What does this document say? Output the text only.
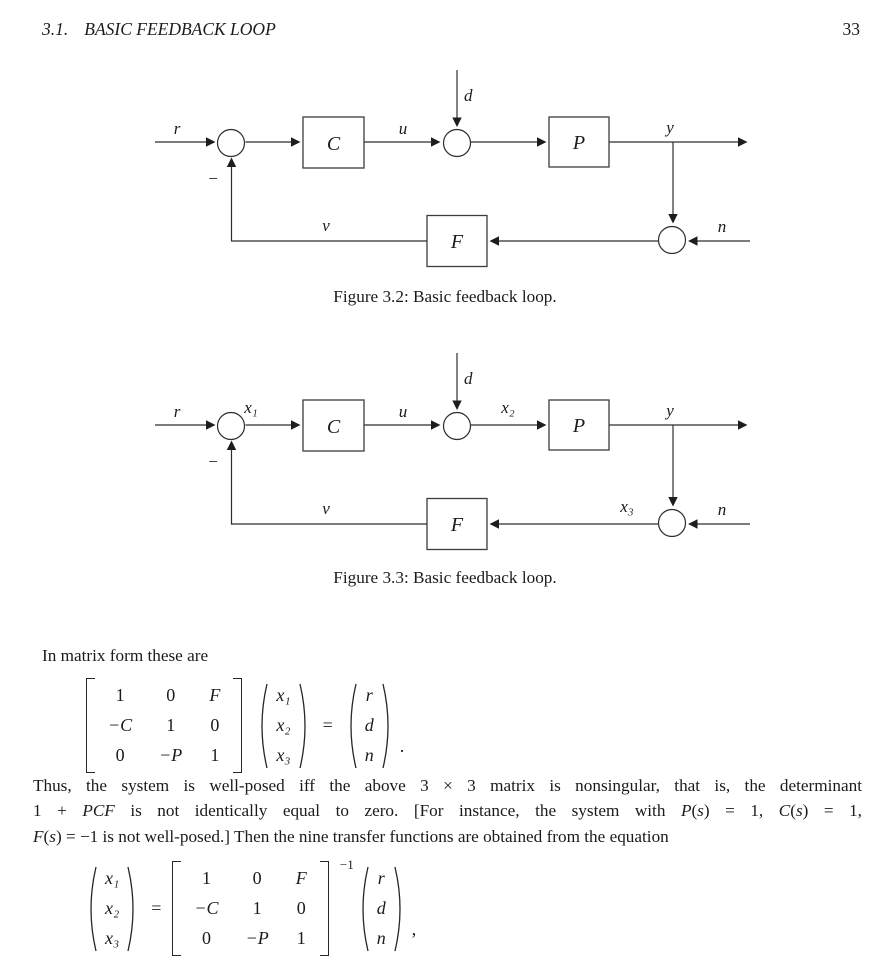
3.1. BASIC FEEDBACK LOOP	33
r
−
C
u
d
P
y
v
F
n
Figure 3.2: Basic feedback loop.
r
−
x₁
C
u
d
x₂
P
y
v
F
x₃	n
Figure 3.3: Basic feedback loop.
In matrix form these are
1 0 F
−C 1 0
0 −P 1
x₁
x₂
x₃
=
r
d
n .
Thus, the system is well-posed iff the above 3 × 3 matrix is nonsingular, that is, the determinant
1 + PCF is not identically equal to zero. [For instance, the system with P(s) = 1, C(s) = 1,
F(s) = −1 is not well-posed.] Then the nine transfer functions are obtained from the equation
x₁
x₂
x₃
=
1 0 F
−C 1 0
0 −P 1
−1
r
d
n ,
